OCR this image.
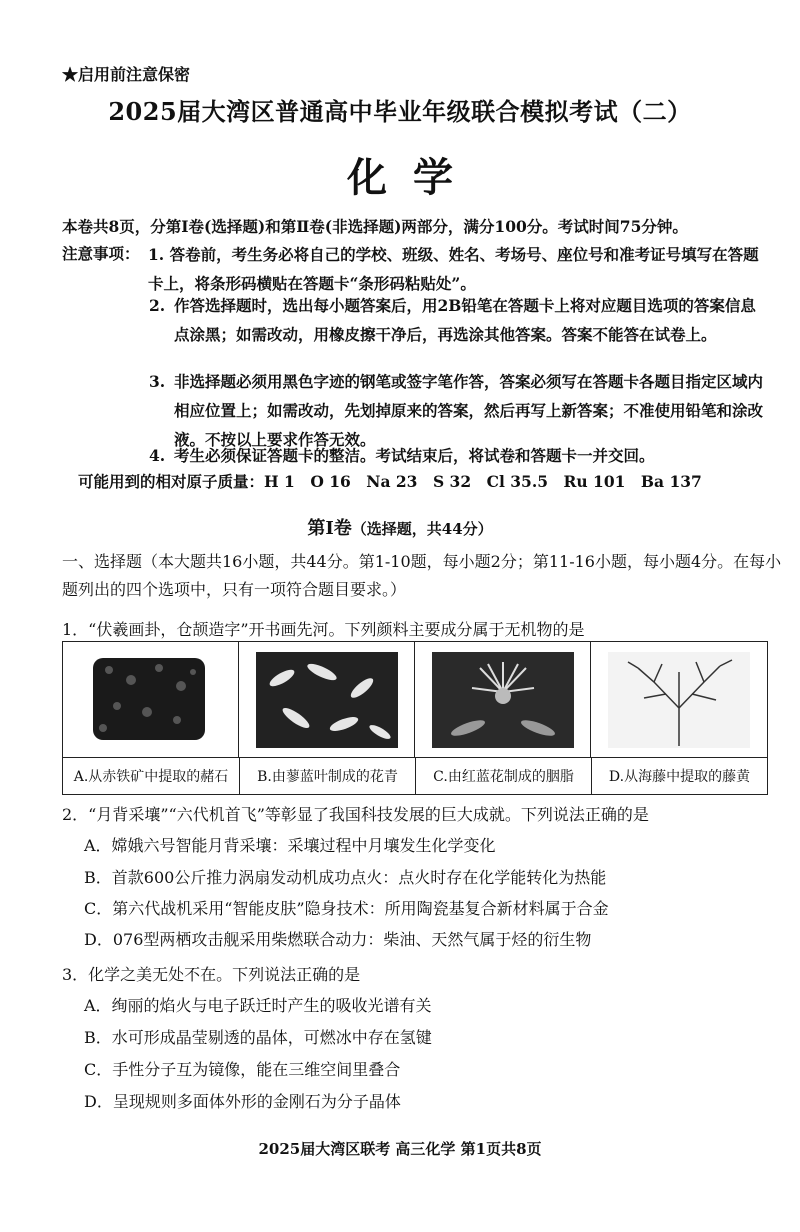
★启用前注意保密
2025届大湾区普通高中毕业年级联合模拟考试（二）
化学
本卷共8页，分第Ⅰ卷(选择题)和第Ⅱ卷(非选择题)两部分，满分100分。考试时间75分钟。
注意事项： 1. 答卷前，考生务必将自己的学校、班级、姓名、考场号、座位号和准考证号填写在答题卡上，将条形码横贴在答题卡“条形码粘贴处”。
2. 作答选择题时，选出每小题答案后，用2B铅笔在答题卡上将对应题目选项的答案信息点涂黑；如需改动，用橡皮擦干净后，再选涂其他答案。答案不能答在试卷上。
3. 非选择题必须用黑色字迹的钢笔或签字笔作答，答案必须写在答题卡各题目指定区域内相应位置上；如需改动，先划掉原来的答案，然后再写上新答案；不准使用铅笔和涂改液。不按以上要求作答无效。
4. 考生必须保证答题卡的整洁。考试结束后，将试卷和答题卡一并交回。
可能用到的相对原子质量：H 1　O 16　Na 23　S 32　Cl 35.5　Ru 101　Ba 137
第Ⅰ卷（选择题，共44分）
一、选择题（本大题共16小题，共44分。第1-10题，每小题2分；第11-16小题，每小题4分。在每小题列出的四个选项中，只有一项符合题目要求。）
1．“伏羲画卦，仓颉造字”开书画先河。下列颜料主要成分属于无机物的是
A.从赤铁矿中提取的赭石	B.由蓼蓝叶制成的花青	C.由红蓝花制成的胭脂	D.从海藤中提取的藤黄
2．“月背采壤”“六代机首飞”等彰显了我国科技发展的巨大成就。下列说法正确的是
A．嫦娥六号智能月背采壤：采壤过程中月壤发生化学变化
B．首款600公斤推力涡扇发动机成功点火：点火时存在化学能转化为热能
C．第六代战机采用“智能皮肤”隐身技术：所用陶瓷基复合新材料属于合金
D．076型两栖攻击舰采用柴燃联合动力：柴油、天然气属于烃的衍生物
3．化学之美无处不在。下列说法正确的是
A．绚丽的焰火与电子跃迁时产生的吸收光谱有关
B．水可形成晶莹剔透的晶体，可燃冰中存在氢键
C．手性分子互为镜像，能在三维空间里叠合
D．呈现规则多面体外形的金刚石为分子晶体
2025届大湾区联考 高三化学 第1页共8页
